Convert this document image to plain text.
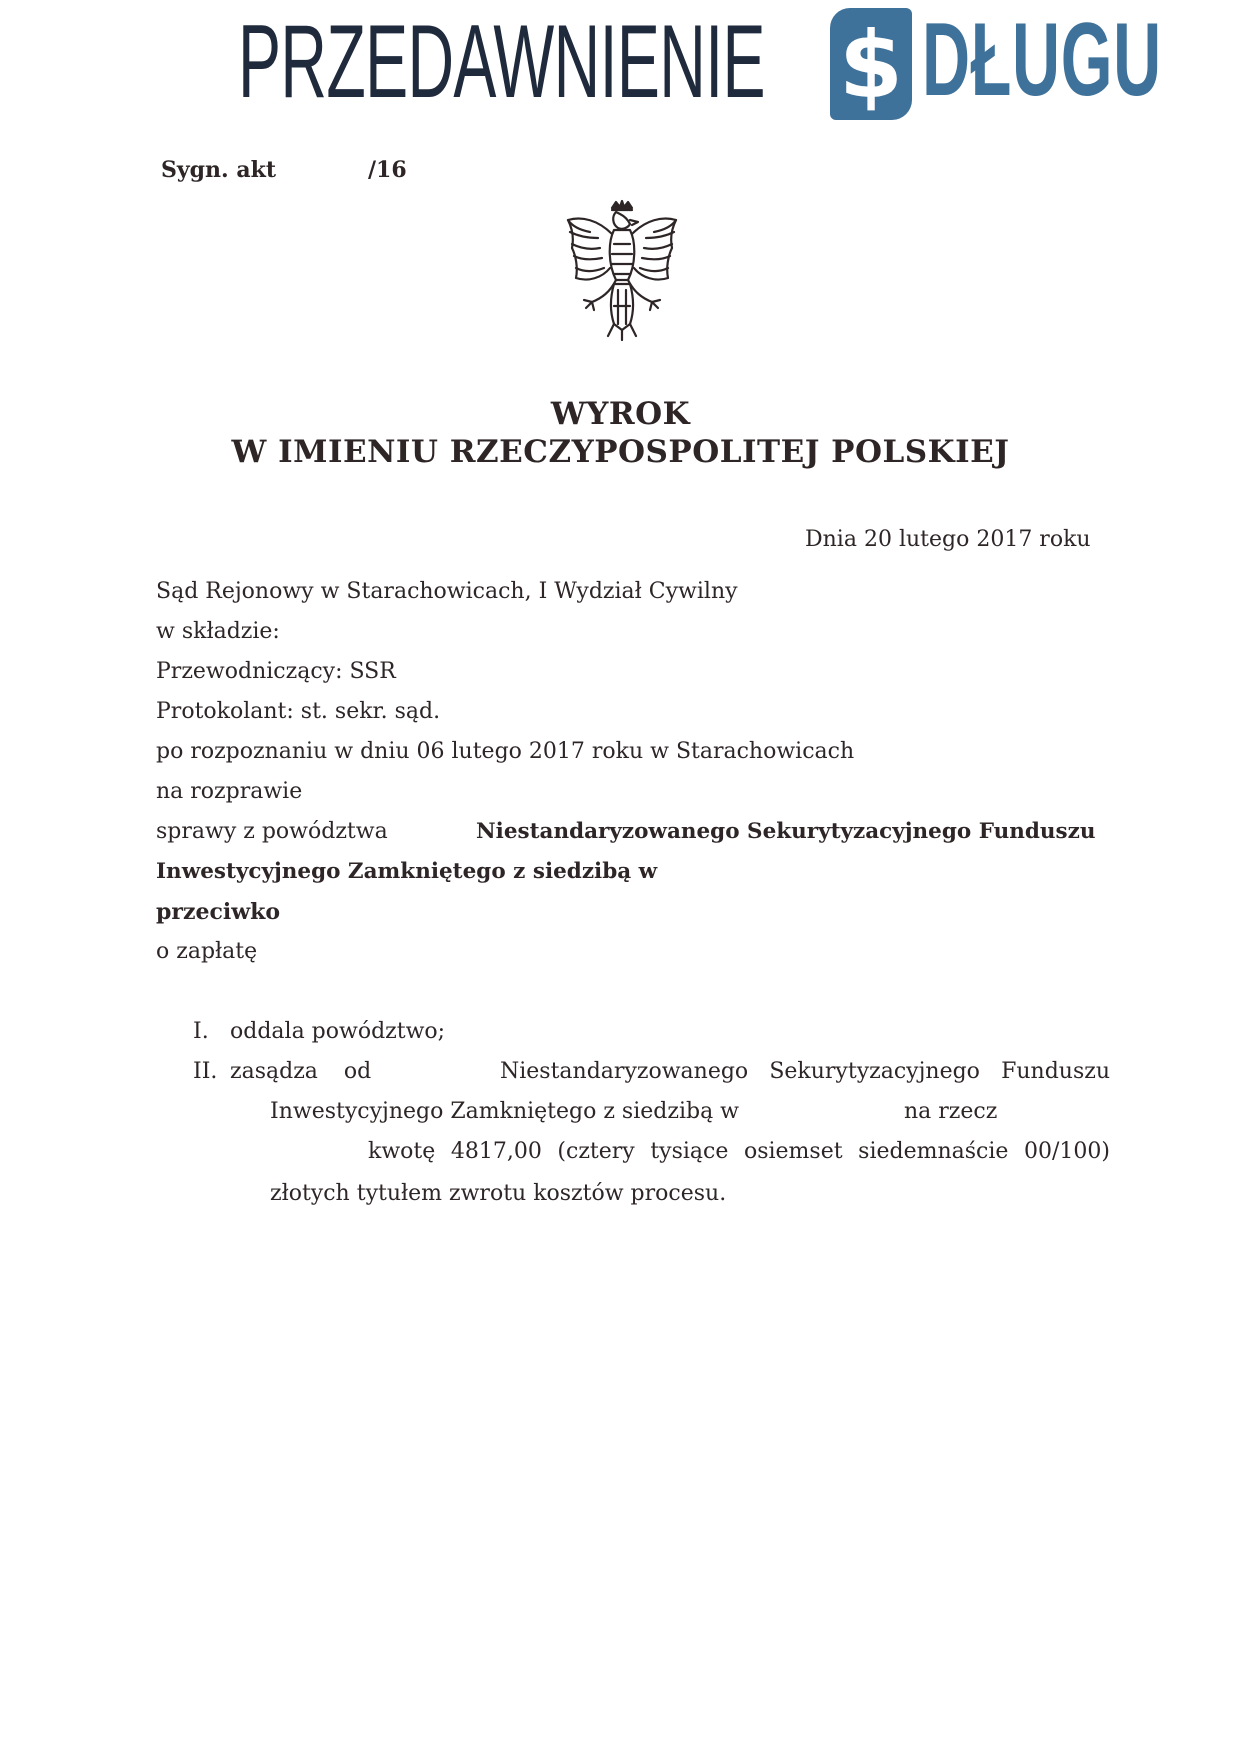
PRZEDAWNIENIE $ DŁUGU
Sygn. akt	/16
WYROK
W IMIENIU RZECZYPOSPOLITEJ POLSKIEJ
Dnia 20 lutego 2017 roku
Sąd Rejonowy w Starachowicach, I Wydział Cywilny
w składzie:
Przewodniczący: SSR
Protokolant: st. sekr. sąd.
po rozpoznaniu w dniu 06 lutego 2017 roku w Starachowicach
na rozprawie
sprawy z powództwa	Niestandaryzowanego Sekurytyzacyjnego Funduszu
Inwestycyjnego Zamkniętego z siedzibą w
przeciwko
o zapłatę
I. oddala powództwo;
II. zasądza od	Niestandaryzowanego Sekurytyzacyjnego Funduszu
Inwestycyjnego Zamkniętego z siedzibą w	na rzecz
kwotę 4817,00 (cztery tysiące osiemset siedemnaście 00/100)
złotych tytułem zwrotu kosztów procesu.
